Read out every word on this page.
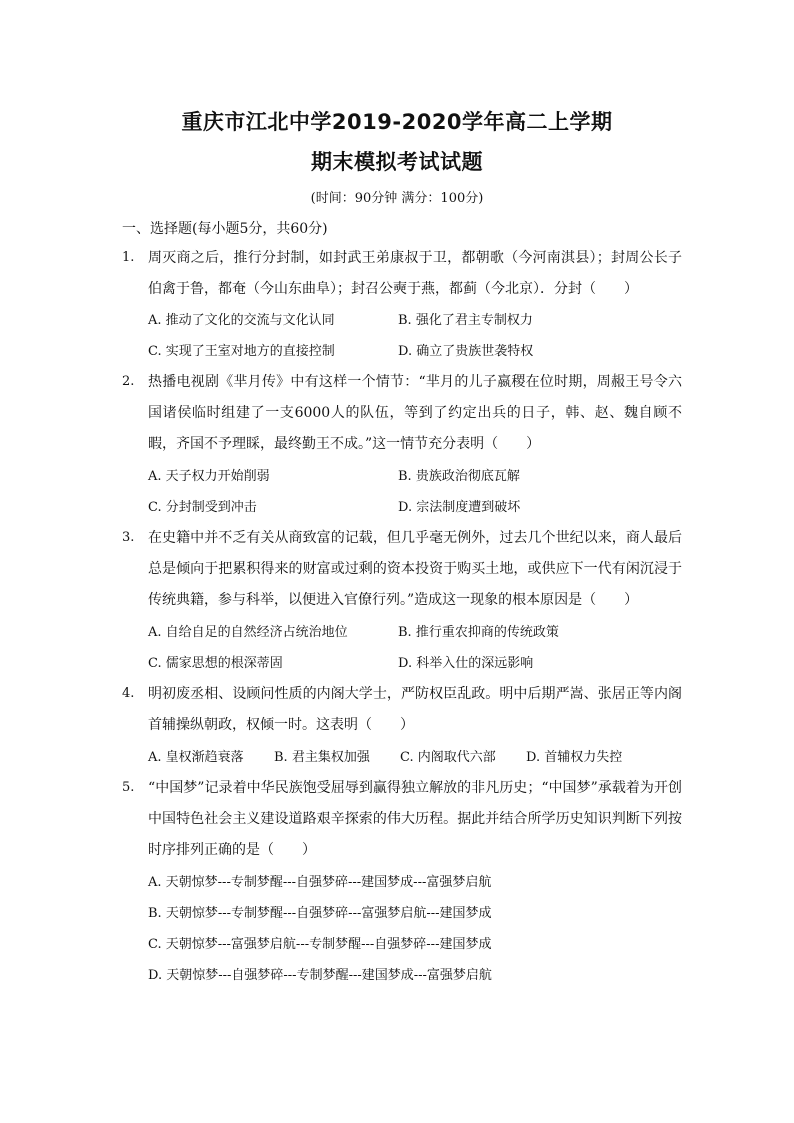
重庆市江北中学2019-2020学年高二上学期
期末模拟考试试题
(时间：90分钟 满分：100分)
一、选择题(每小题5分，共60分)
1. 周灭商之后，推行分封制，如封武王弟康叔于卫，都朝歌（今河南淇县）；封周公长子伯禽于鲁，都奄（今山东曲阜）；封召公奭于燕，都蓟（今北京）．分封（　　）
A. 推动了文化的交流与文化认同	B. 强化了君主专制权力
C. 实现了王室对地方的直接控制	D. 确立了贵族世袭特权
2. 热播电视剧《芈月传》中有这样一个情节：“芈月的儿子嬴稷在位时期，周赧王号令六国诸侯临时组建了一支6000人的队伍，等到了约定出兵的日子，韩、赵、魏自顾不暇，齐国不予理睬，最终勤王不成。”这一情节充分表明（　　）
A. 天子权力开始削弱	B. 贵族政治彻底瓦解
C. 分封制受到冲击	D. 宗法制度遭到破坏
3. 在史籍中并不乏有关从商致富的记载，但几乎毫无例外，过去几个世纪以来，商人最后总是倾向于把累积得来的财富或过剩的资本投资于购买土地，或供应下一代有闲沉浸于传统典籍，参与科举，以便进入官僚行列。”造成这一现象的根本原因是（　　）
A. 自给自足的自然经济占统治地位	B. 推行重农抑商的传统政策
C. 儒家思想的根深蒂固	D. 科举入仕的深远影响
4. 明初废丞相、设顾问性质的内阁大学士，严防权臣乱政。明中后期严嵩、张居正等内阁首辅操纵朝政，权倾一时。这表明（　　）
A. 皇权渐趋衰落 B. 君主集权加强 C. 内阁取代六部 D. 首辅权力失控
5. “中国梦”记录着中华民族饱受屈辱到赢得独立解放的非凡历史；“中国梦”承载着为开创中国特色社会主义建设道路艰辛探索的伟大历程。据此并结合所学历史知识判断下列按时序排列正确的是（　　）
A. 天朝惊梦---专制梦醒---自强梦碎---建国梦成---富强梦启航
B. 天朝惊梦---专制梦醒---自强梦碎---富强梦启航---建国梦成
C. 天朝惊梦---富强梦启航---专制梦醒---自强梦碎---建国梦成
D. 天朝惊梦---自强梦碎---专制梦醒---建国梦成---富强梦启航
